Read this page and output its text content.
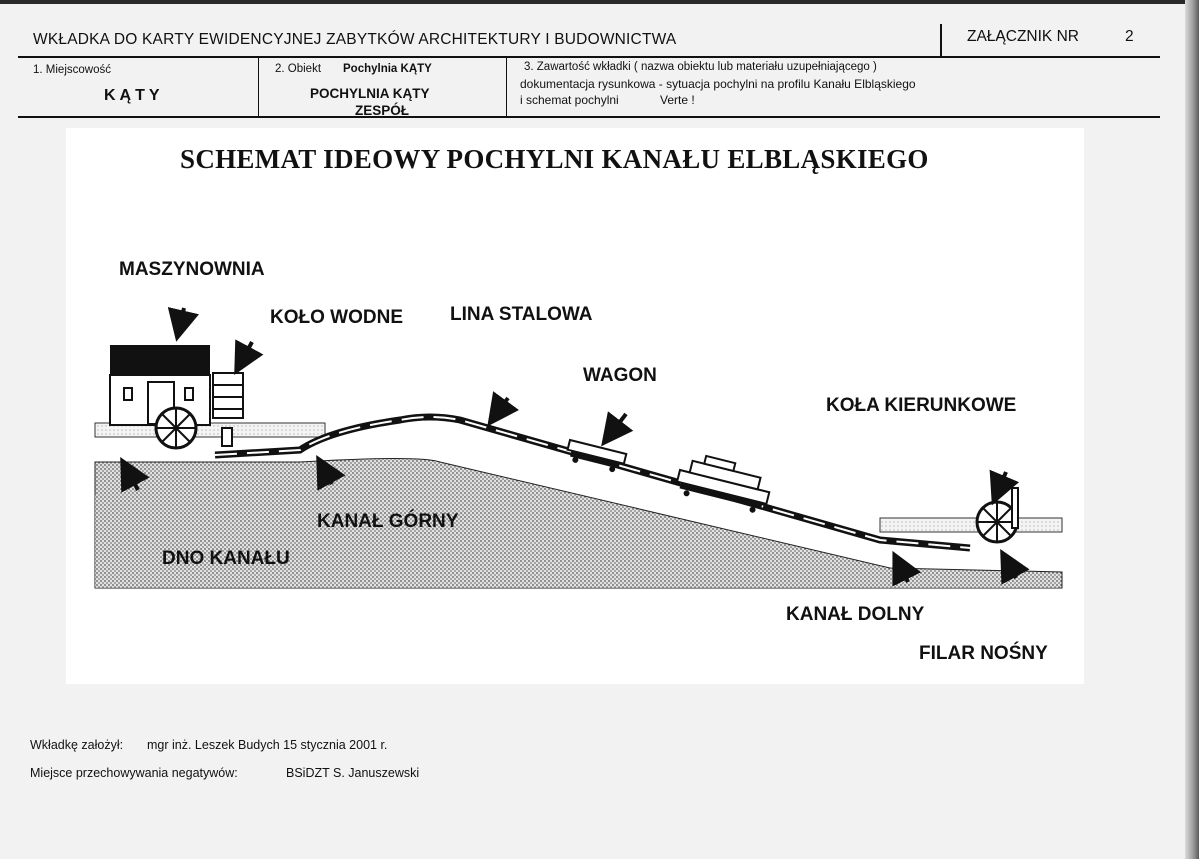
WKŁADKA DO KARTY EWIDENCYJNEJ ZABYTKÓW ARCHITEKTURY I BUDOWNICTWA	ZAŁĄCZNIK NR	2
1. Miejscowość
KĄTY
2. Obiekt Pochylnia KĄTY
POCHYLNIA KĄTY
ZESPÓŁ
3. Zawartość wkładki ( nazwa obiektu lub materiału uzupełniającego )
dokumentacja rysunkowa - sytuacja pochylni na profilu Kanału Elbląskiego
i schemat pochylni	Verte !
SCHEMAT IDEOWY POCHYLNI KANAŁU ELBLĄSKIEGO
MASZYNOWNIA
KOŁO WODNE LINA STALOWA
WAGON
KOŁA KIERUNKOWE
KANAŁ GÓRNY
DNO KANAŁU
KANAŁ DOLNY
FILAR NOŚNY
Wkładkę założył: mgr inż. Leszek Budych 15 stycznia 2001 r.
Miejsce przechowywania negatywów:	BSiDZT S. Januszewski
